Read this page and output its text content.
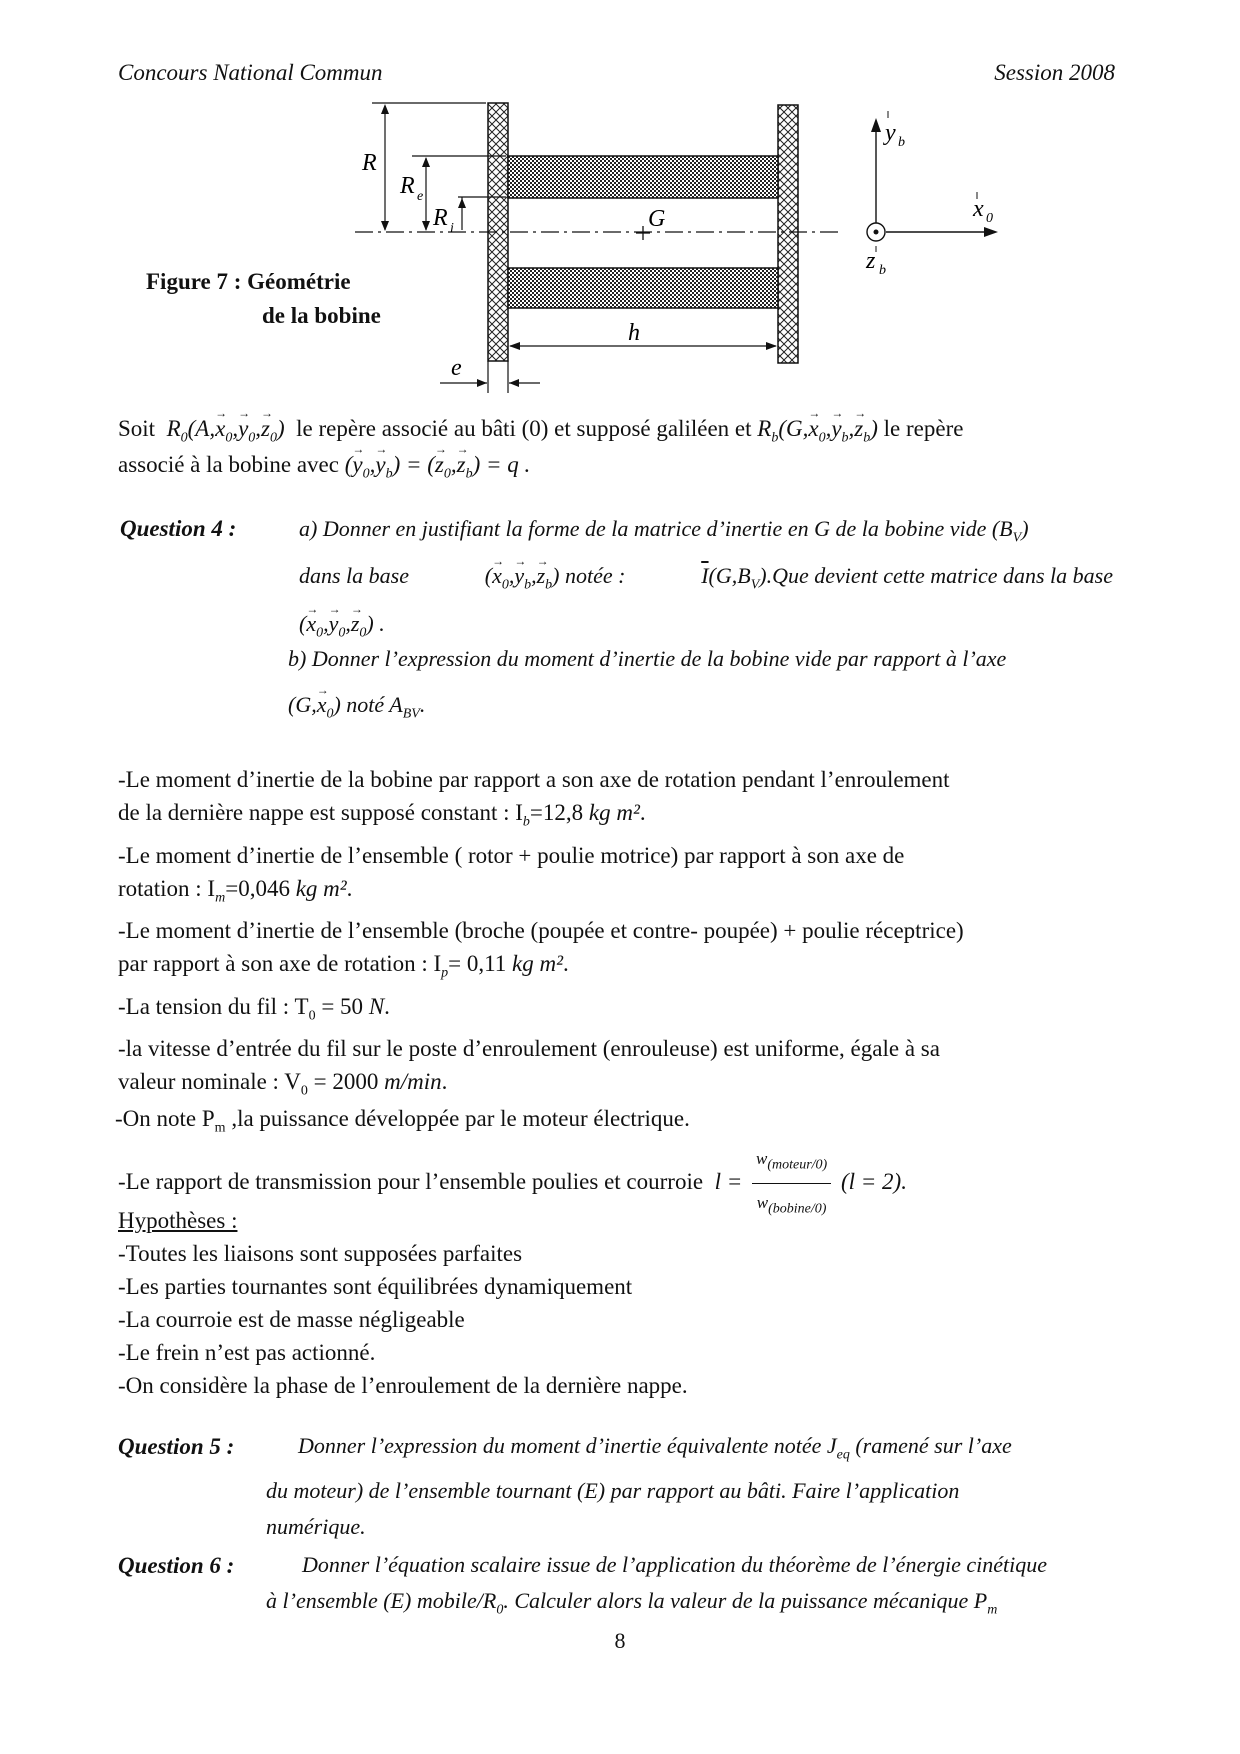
Concours National Commun	Session 2008
Figure 7 : Géométrie
de la bobine
G
R
R e
R i
h
e
y b
x 0
z b
Soit $R_0(A,\to x_0,\to y_0,\to z_0)$ le repère associé au bâti (0) et supposé galiléen et $R_b(G,\to x_0,\to y_b,\to z_b)$ le repère
associé à la bobine avec (→ $y_0,\to y_b$) = (→ $z_0,\to z_b) = q$ .
Question 4 :	a) Donner en justifiant la forme de la matrice d’inertie en G de la bobine vide $(B_V)$
dans la base	(→ $x_0,\to y_b,\to z_b$) notée :	$\overline{I}(G,B_V).Que$ devient cette matrice dans la base
(→ $x_0,\to y_0,\to z_0$) .
b) Donner l’expression du moment d’inertie de la bobine vide par rapport à l’axe
$(G,\to x_0)$ noté $A_{BV}$.
-Le moment d’inertie de la bobine par rapport a son axe de rotation pendant l’enroulement
de la dernière nappe est supposé constant : $I_b=12,8$ kg m².
-Le moment d’inertie de l’ensemble ( rotor + poulie motrice) par rapport à son axe de
rotation : $I_m=0,046$ kg m².
-Le moment d’inertie de l’ensemble (broche (poupée et contre- poupée) + poulie réceptrice)
par rapport à son axe de rotation : $I_p= 0,11$ kg m².
-La tension du fil : $T_0 = 50$ N.
-la vitesse d’entrée du fil sur le poste d’enroulement (enrouleuse) est uniforme, égale à sa
valeur nominale : $V_0 = 2000$ m/min.
-On note $P_m$ ,la puissance développée par le moteur électrique.
-Le rapport de transmission pour l’ensemble poulies et courroie $l = \frac{w_{(moteur/0)}}{w_{(bobine/0)}} (l = 2)$.
Hypothèses :
-Toutes les liaisons sont supposées parfaites
-Les parties tournantes sont équilibrées dynamiquement
-La courroie est de masse négligeable
-Le frein n’est pas actionné.
-On considère la phase de l’enroulement de la dernière nappe.
Question 5 :	Donner l’expression du moment d’inertie équivalente notée $J_{eq}$ (ramené sur l’axe
du moteur) de l’ensemble tournant (E) par rapport au bâti. Faire l’application
numérique.
Question 6 :	Donner l’équation scalaire issue de l’application du théorème de l’énergie cinétique
à l’ensemble (E) mobile/$R_0$. Calculer alors la valeur de la puissance mécanique $P_m$
8
